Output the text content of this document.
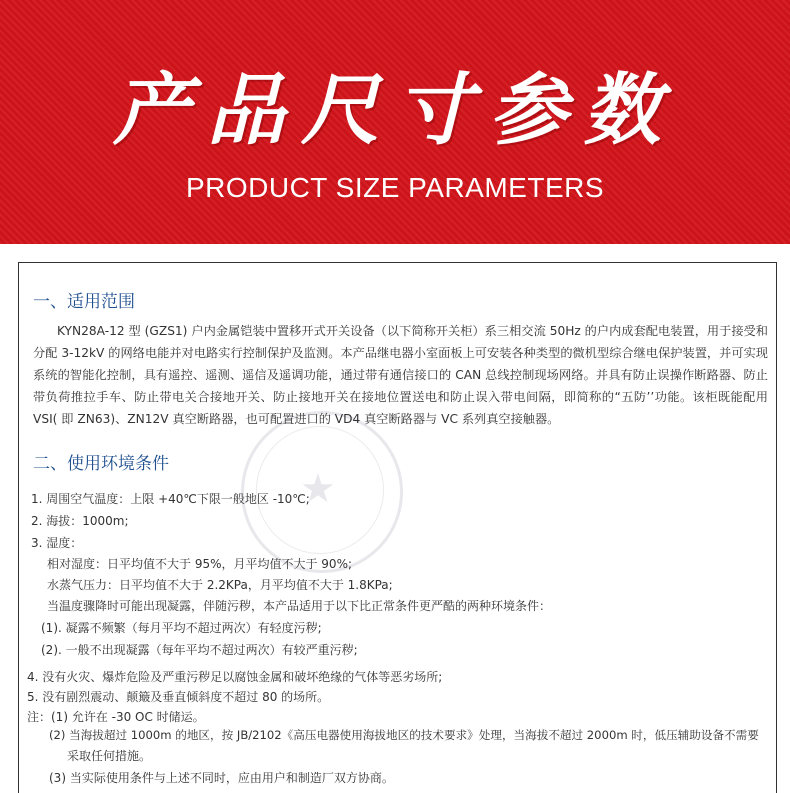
产品尺寸参数
PRODUCT SIZE PARAMETERS
★
一、适用范围
KYN28A-12 型 (GZS1) 户内金属铠装中置移开式开关设备（以下简称开关柜）系三相交流 50Hz 的户内成套配电装置，用于接受和分配 3-12kV 的网络电能并对电路实行控制保护及监测。本产品继电器小室面板上可安装各种类型的微机型综合继电保护装置，并可实现系统的智能化控制，具有遥控、遥测、遥信及遥调功能，通过带有通信接口的 CAN 总线控制现场网络。并具有防止误操作断路器、防止带负荷推拉手车、防止带电关合接地开关、防止接地开关在接地位置送电和防止误入带电间隔，即简称的“五防’’功能。该柜既能配用 VSI( 即 ZN63)、ZN12V 真空断路器，也可配置进口的 VD4 真空断路器与 VC 系列真空接触器。
二、使用环境条件
1. 周围空气温度：上限 +40℃下限一般地区 -10℃;
2. 海拔：1000m;
3. 湿度：
相对湿度：日平均值不大于 95%，月平均值不大于 90%;
水蒸气压力：日平均值不大于 2.2KPa，月平均值不大于 1.8KPa;
当温度骤降时可能出现凝露，伴随污秽，本产品适用于以下比正常条件更严酷的两种环境条件：
(1). 凝露不频繁（每月平均不超过两次）有轻度污秽;
(2). 一般不出现凝露（每年平均不超过两次）有较严重污秽;
4. 没有火灾、爆炸危险及严重污秽足以腐蚀金属和破坏绝缘的气体等恶劣场所;
5. 没有剧烈震动、颠簸及垂直倾斜度不超过 80 的场所。
注：(1) 允许在 -30 OC 时储运。
(2) 当海拔超过 1000m 的地区，按 JB/2102《高压电器使用海拔地区的技术要求》处理，当海拔不超过 2000m 时，低压辅助设备不需要
采取任何措施。
(3) 当实际使用条件与上述不同时，应由用户和制造厂双方协商。
